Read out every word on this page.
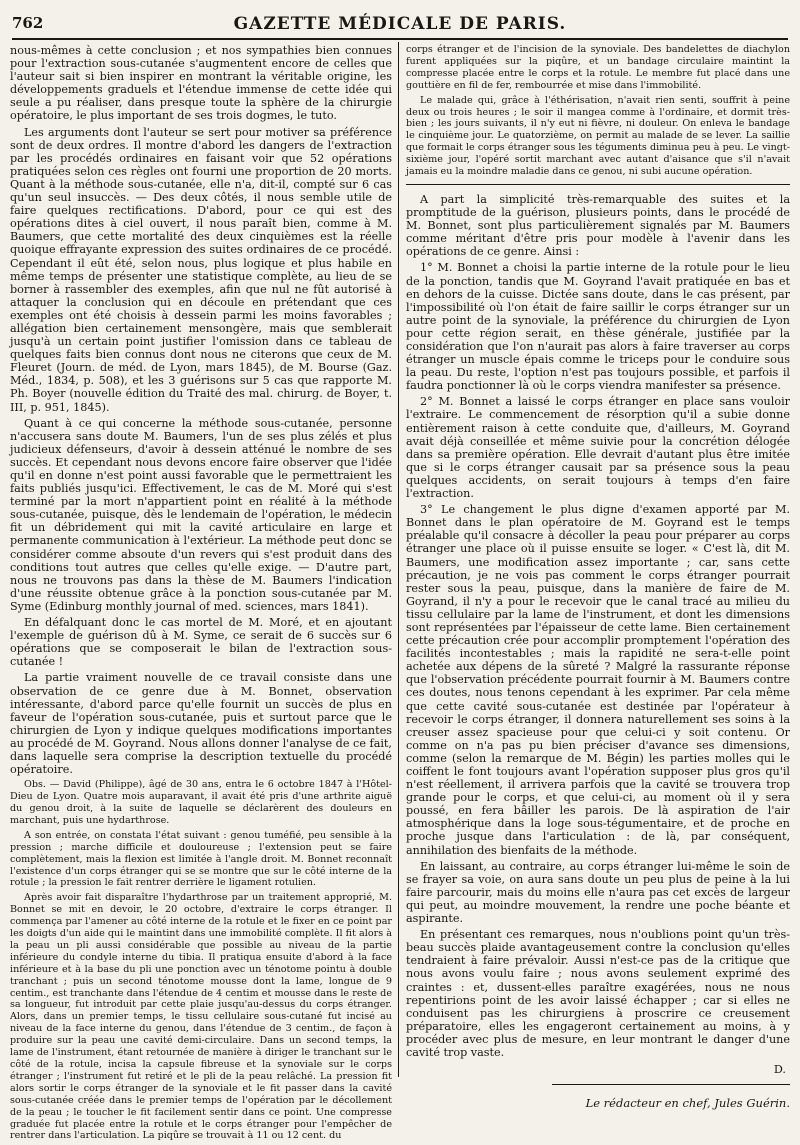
762	GAZETTE MÉDICALE DE PARIS.

nous-mêmes à cette conclusion ; et nos sympathies bien connues pour l'extraction sous-cutanée s'augmentent encore de celles que l'auteur sait si bien inspirer en montrant la véritable origine, les développements graduels et l'étendue immense de cette idée qui seule a pu réaliser, dans presque toute la sphère de la chirurgie opératoire, le plus important de ses trois dogmes, le tuto.

Les arguments dont l'auteur se sert pour motiver sa préférence sont de deux ordres. Il montre d'abord les dangers de l'extraction par les procédés ordinaires en faisant voir que 52 opérations pratiquées selon ces règles ont fourni une proportion de 20 morts. Quant à la méthode sous-cutanée, elle n'a, dit-il, compté sur 6 cas qu'un seul insuccès. — Des deux côtés, il nous semble utile de faire quelques rectifications. D'abord, pour ce qui est des opérations dites à ciel ouvert, il nous paraît bien, comme à M. Baumers, que cette mortalité des deux cinquièmes est la réelle quoique effrayante expression des suites ordinaires de ce procédé. Cependant il eût été, selon nous, plus logique et plus habile en même temps de présenter une statistique complète, au lieu de se borner à rassembler des exemples, afin que nul ne fût autorisé à attaquer la conclusion qui en découle en prétendant que ces exemples ont été choisis à dessein parmi les moins favorables ; allégation bien certainement mensongère, mais que semblerait jusqu'à un certain point justifier l'omission dans ce tableau de quelques faits bien connus dont nous ne citerons que ceux de M. Fleuret (Journ. de méd. de Lyon, mars 1845), de M. Bourse (Gaz. Méd., 1834, p. 508), et les 3 guérisons sur 5 cas que rapporte M. Ph. Boyer (nouvelle édition du Traité des mal. chirurg. de Boyer, t. III, p. 951, 1845).

Quant à ce qui concerne la méthode sous-cutanée, personne n'accusera sans doute M. Baumers, l'un de ses plus zélés et plus judicieux défenseurs, d'avoir à dessein atténué le nombre de ses succès. Et cependant nous devons encore faire observer que l'idée qu'il en donne n'est point aussi favorable que le permettraient les faits publiés jusqu'ici. Effectivement, le cas de M. Moré qui s'est terminé par la mort n'appartient point en réalité à la méthode sous-cutanée, puisque, dès le lendemain de l'opération, le médecin fit un débridement qui mit la cavité articulaire en large et permanente communication à l'extérieur. La méthode peut donc se considérer comme absoute d'un revers qui s'est produit dans des conditions tout autres que celles qu'elle exige. — D'autre part, nous ne trouvons pas dans la thèse de M. Baumers l'indication d'une réussite obtenue grâce à la ponction sous-cutanée par M. Syme (Edinburg monthly journal of med. sciences, mars 1841).

En défalquant donc le cas mortel de M. Moré, et en ajoutant l'exemple de guérison dû à M. Syme, ce serait de 6 succès sur 6 opérations que se composerait le bilan de l'extraction sous-cutanée !

La partie vraiment nouvelle de ce travail consiste dans une observation de ce genre due à M. Bonnet, observation intéressante, d'abord parce qu'elle fournit un succès de plus en faveur de l'opération sous-cutanée, puis et surtout parce que le chirurgien de Lyon y indique quelques modifications importantes au procédé de M. Goyrand. Nous allons donner l'analyse de ce fait, dans laquelle sera comprise la description textuelle du procédé opératoire.

Obs. — David (Philippe), âgé de 30 ans, entra le 6 octobre 1847 à l'Hôtel-Dieu de Lyon. Quatre mois auparavant, il avait été pris d'une arthrite aiguë du genou droit, à la suite de laquelle se déclarèrent des douleurs en marchant, puis une hydarthrose.

A son entrée, on constata l'état suivant : genou tuméfié, peu sensible à la pression ; marche difficile et douloureuse ; l'extension peut se faire complètement, mais la flexion est limitée à l'angle droit. M. Bonnet reconnaît l'existence d'un corps étranger qui se se montre que sur le côté interne de la rotule ; la pression le fait rentrer derrière le ligament rotulien.

Après avoir fait disparaître l'hydarthrose par un traitement approprié, M. Bonnet se mit en devoir, le 20 octobre, d'extraire le corps étranger. Il commença par l'amener au côté interne de la rotule et le fixer en ce point par les doigts d'un aide qui le maintint dans une immobilité complète. Il fit alors à la peau un pli aussi considérable que possible au niveau de la partie inférieure du condyle interne du tibia. Il pratiqua ensuite d'abord à la face inférieure et à la base du pli une ponction avec un ténotome pointu à double tranchant ; puis un second ténotome mousse dont la lame, longue de 9 centim., est tranchante dans l'étendue de 4 centim et mousse dans le reste de sa longueur, fut introduit par cette plaie jusqu'au-dessus du corps étranger. Alors, dans un premier temps, le tissu cellulaire sous-cutané fut incisé au niveau de la face interne du genou, dans l'étendue de 3 centim., de façon à produire sur la peau une cavité demi-circulaire. Dans un second temps, la lame de l'instrument, étant retournée de manière à diriger le tranchant sur le côté de la rotule, incisa la capsule fibreuse et la synoviale sur le corps étranger ; l'instrument fut retiré et le pli de la peau relâché. La pression fit alors sortir le corps étranger de la synoviale et le fit passer dans la cavité sous-cutanée créée dans le premier temps de l'opération par le décollement de la peau ; le toucher le fit facilement sentir dans ce point. Une compresse graduée fut placée entre la rotule et le corps étranger pour l'empêcher de rentrer dans l'articulation. La piqûre se trouvait à 11 ou 12 cent. du

corps étranger et de l'incision de la synoviale. Des bandelettes de diachylon furent appliquées sur la piqûre, et un bandage circulaire maintint la compresse placée entre le corps et la rotule. Le membre fut placé dans une gouttière en fil de fer, rembourrée et mise dans l'immobilité.

Le malade qui, grâce à l'éthérisation, n'avait rien senti, souffrit à peine deux ou trois heures ; le soir il mangea comme à l'ordinaire, et dormit très-bien ; les jours suivants, il n'y eut ni fièvre, ni douleur. On enleva le bandage le cinquième jour. Le quatorzième, on permit au malade de se lever. La saillie que formait le corps étranger sous les téguments diminua peu à peu. Le vingt-sixième jour, l'opéré sortit marchant avec autant d'aisance que s'il n'avait jamais eu la moindre maladie dans ce genou, ni subi aucune opération.

A part la simplicité très-remarquable des suites et la promptitude de la guérison, plusieurs points, dans le procédé de M. Bonnet, sont plus particulièrement signalés par M. Baumers comme méritant d'être pris pour modèle à l'avenir dans les opérations de ce genre. Ainsi :

1° M. Bonnet a choisi la partie interne de la rotule pour le lieu de la ponction, tandis que M. Goyrand l'avait pratiquée en bas et en dehors de la cuisse. Dictée sans doute, dans le cas présent, par l'impossibilité où l'on était de faire saillir le corps étranger sur un autre point de la synoviale, la préférence du chirurgien de Lyon pour cette région serait, en thèse générale, justifiée par la considération que l'on n'aurait pas alors à faire traverser au corps étranger un muscle épais comme le triceps pour le conduire sous la peau. Du reste, l'option n'est pas toujours possible, et parfois il faudra ponctionner là où le corps viendra manifester sa présence.

2° M. Bonnet a laissé le corps étranger en place sans vouloir l'extraire. Le commencement de résorption qu'il a subie donne entièrement raison à cette conduite que, d'ailleurs, M. Goyrand avait déjà conseillée et même suivie pour la concrétion délogée dans sa première opération. Elle devrait d'autant plus être imitée que si le corps étranger causait par sa présence sous la peau quelques accidents, on serait toujours à temps d'en faire l'extraction.

3° Le changement le plus digne d'examen apporté par M. Bonnet dans le plan opératoire de M. Goyrand est le temps préalable qu'il consacre à décoller la peau pour préparer au corps étranger une place où il puisse ensuite se loger. « C'est là, dit M. Baumers, une modification assez importante ; car, sans cette précaution, je ne vois pas comment le corps étranger pourrait rester sous la peau, puisque, dans la manière de faire de M. Goyrand, il n'y a pour le recevoir que le canal tracé au milieu du tissu cellulaire par la lame de l'instrument, et dont les dimensions sont représentées par l'épaisseur de cette lame. Bien certainement cette précaution crée pour accomplir promptement l'opération des facilités incontestables ; mais la rapidité ne sera-t-elle point achetée aux dépens de la sûreté ? Malgré la rassurante réponse que l'observation précédente pourrait fournir à M. Baumers contre ces doutes, nous tenons cependant à les exprimer. Par cela même que cette cavité sous-cutanée est destinée par l'opérateur à recevoir le corps étranger, il donnera naturellement ses soins à la creuser assez spacieuse pour que celui-ci y soit contenu. Or comme on n'a pas pu bien préciser d'avance ses dimensions, comme (selon la remarque de M. Bégin) les parties molles qui le coiffent le font toujours avant l'opération supposer plus gros qu'il n'est réellement, il arrivera parfois que la cavité se trouvera trop grande pour le corps, et que celui-ci, au moment où il y sera poussé, en fera bâiller les parois. De là aspiration de l'air atmosphérique dans la loge sous-tégumentaire, et de proche en proche jusque dans l'articulation : de là, par conséquent, annihilation des bienfaits de la méthode.

En laissant, au contraire, au corps étranger lui-même le soin de se frayer sa voie, on aura sans doute un peu plus de peine à la lui faire parcourir, mais du moins elle n'aura pas cet excès de largeur qui peut, au moindre mouvement, la rendre une poche béante et aspirante.

En présentant ces remarques, nous n'oublions point qu'un très-beau succès plaide avantageusement contre la conclusion qu'elles tendraient à faire prévaloir. Aussi n'est-ce pas de la critique que nous avons voulu faire ; nous avons seulement exprimé des craintes : et, dussent-elles paraître exagérées, nous ne nous repentirions point de les avoir laissé échapper ; car si elles ne conduisent pas les chirurgiens à proscrire ce creusement préparatoire, elles les engageront certainement au moins, à y procéder avec plus de mesure, en leur montrant le danger d'une cavité trop vaste.

D.
Le rédacteur en chef, Jules Guérin.
